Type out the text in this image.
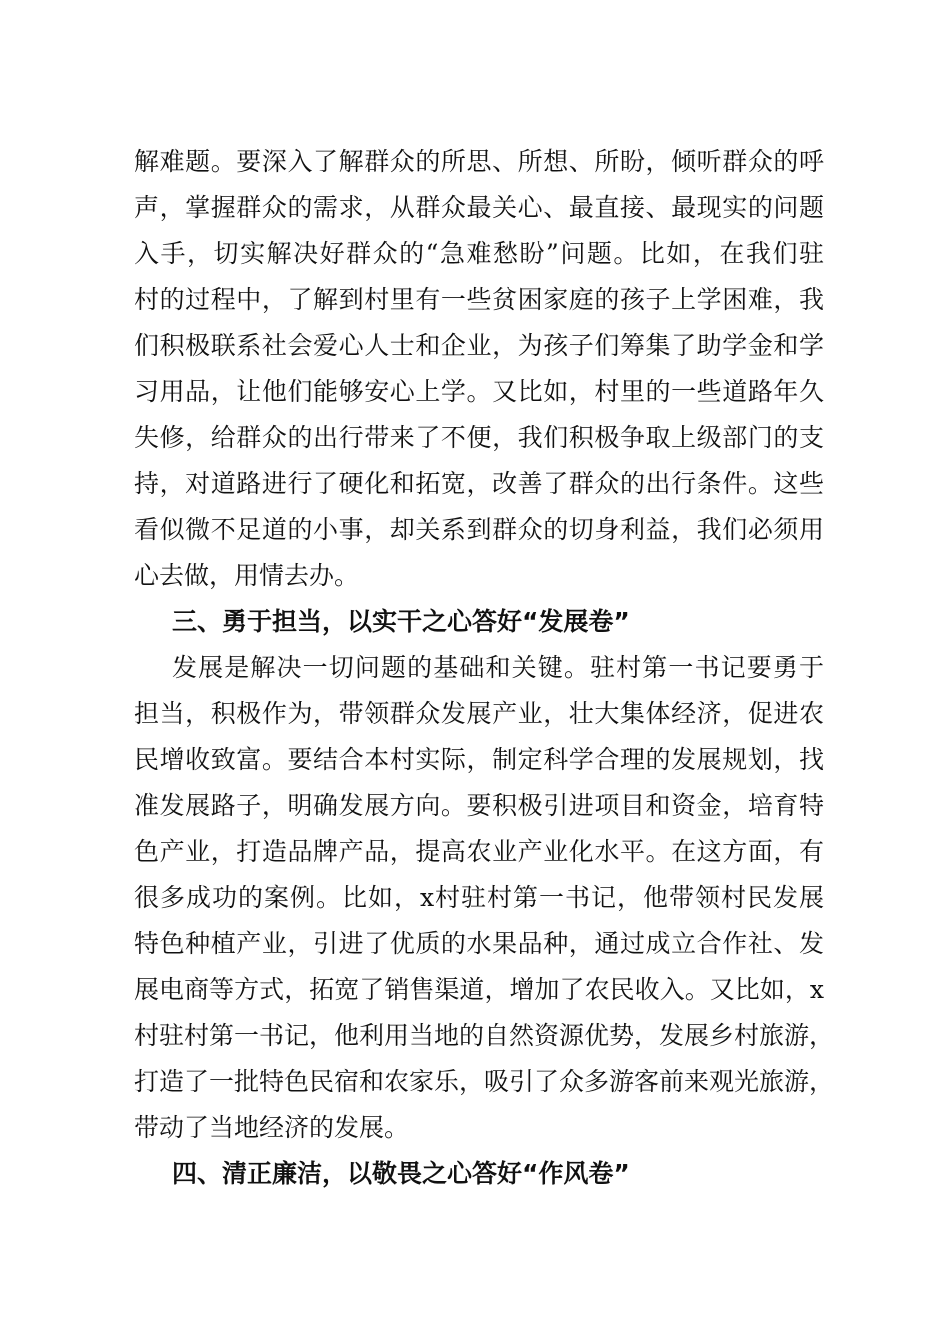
解难题。要深入了解群众的所思、所想、所盼，倾听群众的呼
声，掌握群众的需求，从群众最关心、最直接、最现实的问题
入手，切实解决好群众的“急难愁盼”问题。比如，在我们驻
村的过程中，了解到村里有一些贫困家庭的孩子上学困难，我
们积极联系社会爱心人士和企业，为孩子们筹集了助学金和学
习用品，让他们能够安心上学。又比如，村里的一些道路年久
失修，给群众的出行带来了不便，我们积极争取上级部门的支
持，对道路进行了硬化和拓宽，改善了群众的出行条件。这些
看似微不足道的小事，却关系到群众的切身利益，我们必须用
心去做，用情去办。
三、勇于担当，以实干之心答好“发展卷”
发展是解决一切问题的基础和关键。驻村第一书记要勇于
担当，积极作为，带领群众发展产业，壮大集体经济，促进农
民增收致富。要结合本村实际，制定科学合理的发展规划，找
准发展路子，明确发展方向。要积极引进项目和资金，培育特
色产业，打造品牌产品，提高农业产业化水平。在这方面，有
很多成功的案例。比如，x村驻村第一书记，他带领村民发展
特色种植产业，引进了优质的水果品种，通过成立合作社、发
展电商等方式，拓宽了销售渠道，增加了农民收入。又比如，x
村驻村第一书记，他利用当地的自然资源优势，发展乡村旅游，
打造了一批特色民宿和农家乐，吸引了众多游客前来观光旅游，
带动了当地经济的发展。
四、清正廉洁，以敬畏之心答好“作风卷”
